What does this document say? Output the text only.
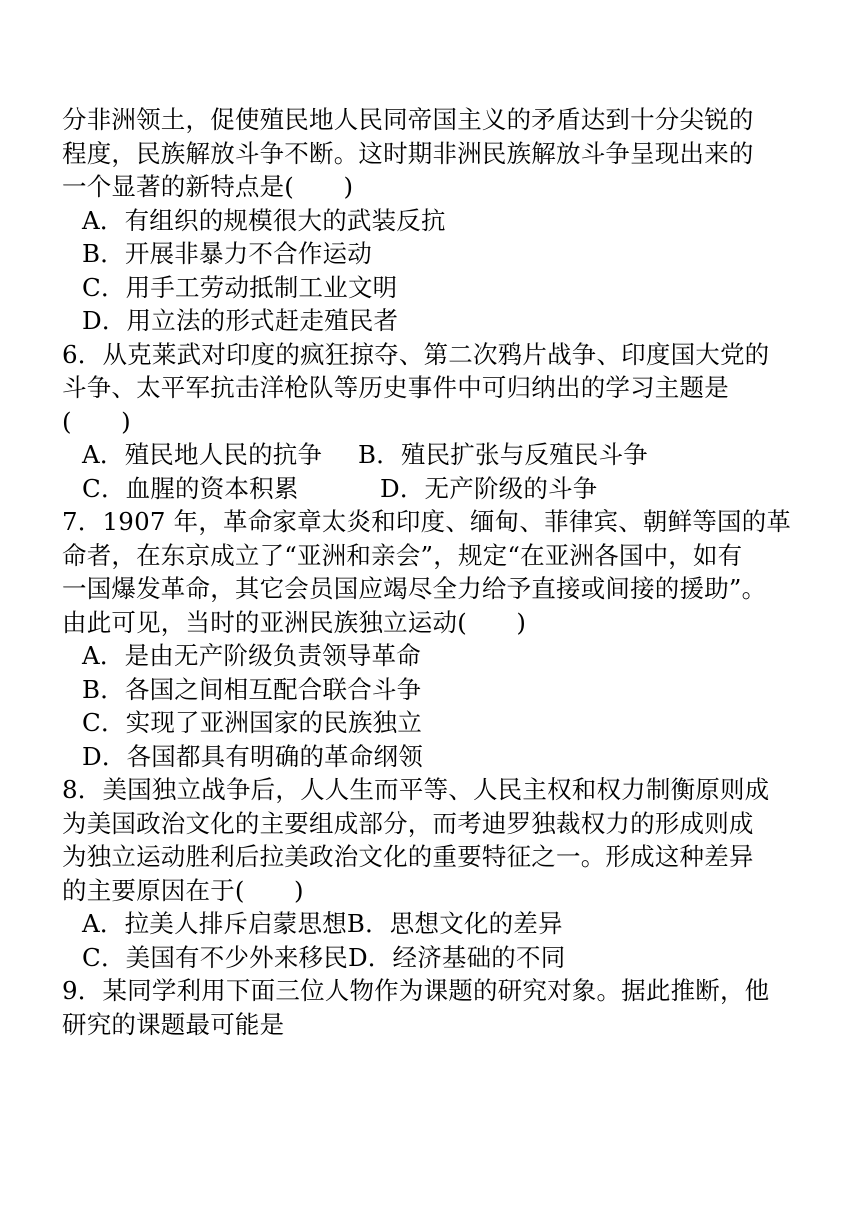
分非洲领土，促使殖民地人民同帝国主义的矛盾达到十分尖锐的
程度，民族解放斗争不断。这时期非洲民族解放斗争呈现出来的
一个显著的新特点是(　　)
A．有组织的规模很大的武装反抗
B．开展非暴力不合作运动
C．用手工劳动抵制工业文明
D．用立法的形式赶走殖民者
6．从克莱武对印度的疯狂掠夺、第二次鸦片战争、印度国大党的
斗争、太平军抗击洋枪队等历史事件中可归纳出的学习主题是
(　　)
A．殖民地人民的抗争	B．殖民扩张与反殖民斗争
C．血腥的资本积累	D．无产阶级的斗争
7．1907 年，革命家章太炎和印度、缅甸、菲律宾、朝鲜等国的革
命者，在东京成立了“亚洲和亲会”，规定“在亚洲各国中，如有
一国爆发革命，其它会员国应竭尽全力给予直接或间接的援助”。
由此可见，当时的亚洲民族独立运动(　　)
A．是由无产阶级负责领导革命
B．各国之间相互配合联合斗争
C．实现了亚洲国家的民族独立
D．各国都具有明确的革命纲领
8．美国独立战争后，人人生而平等、人民主权和权力制衡原则成
为美国政治文化的主要组成部分，而考迪罗独裁权力的形成则成
为独立运动胜利后拉美政治文化的重要特征之一。形成这种差异
的主要原因在于(　　)
A．拉美人排斥启蒙思想B．思想文化的差异
C．美国有不少外来移民D．经济基础的不同
9．某同学利用下面三位人物作为课题的研究对象。据此推断，他
研究的课题最可能是
